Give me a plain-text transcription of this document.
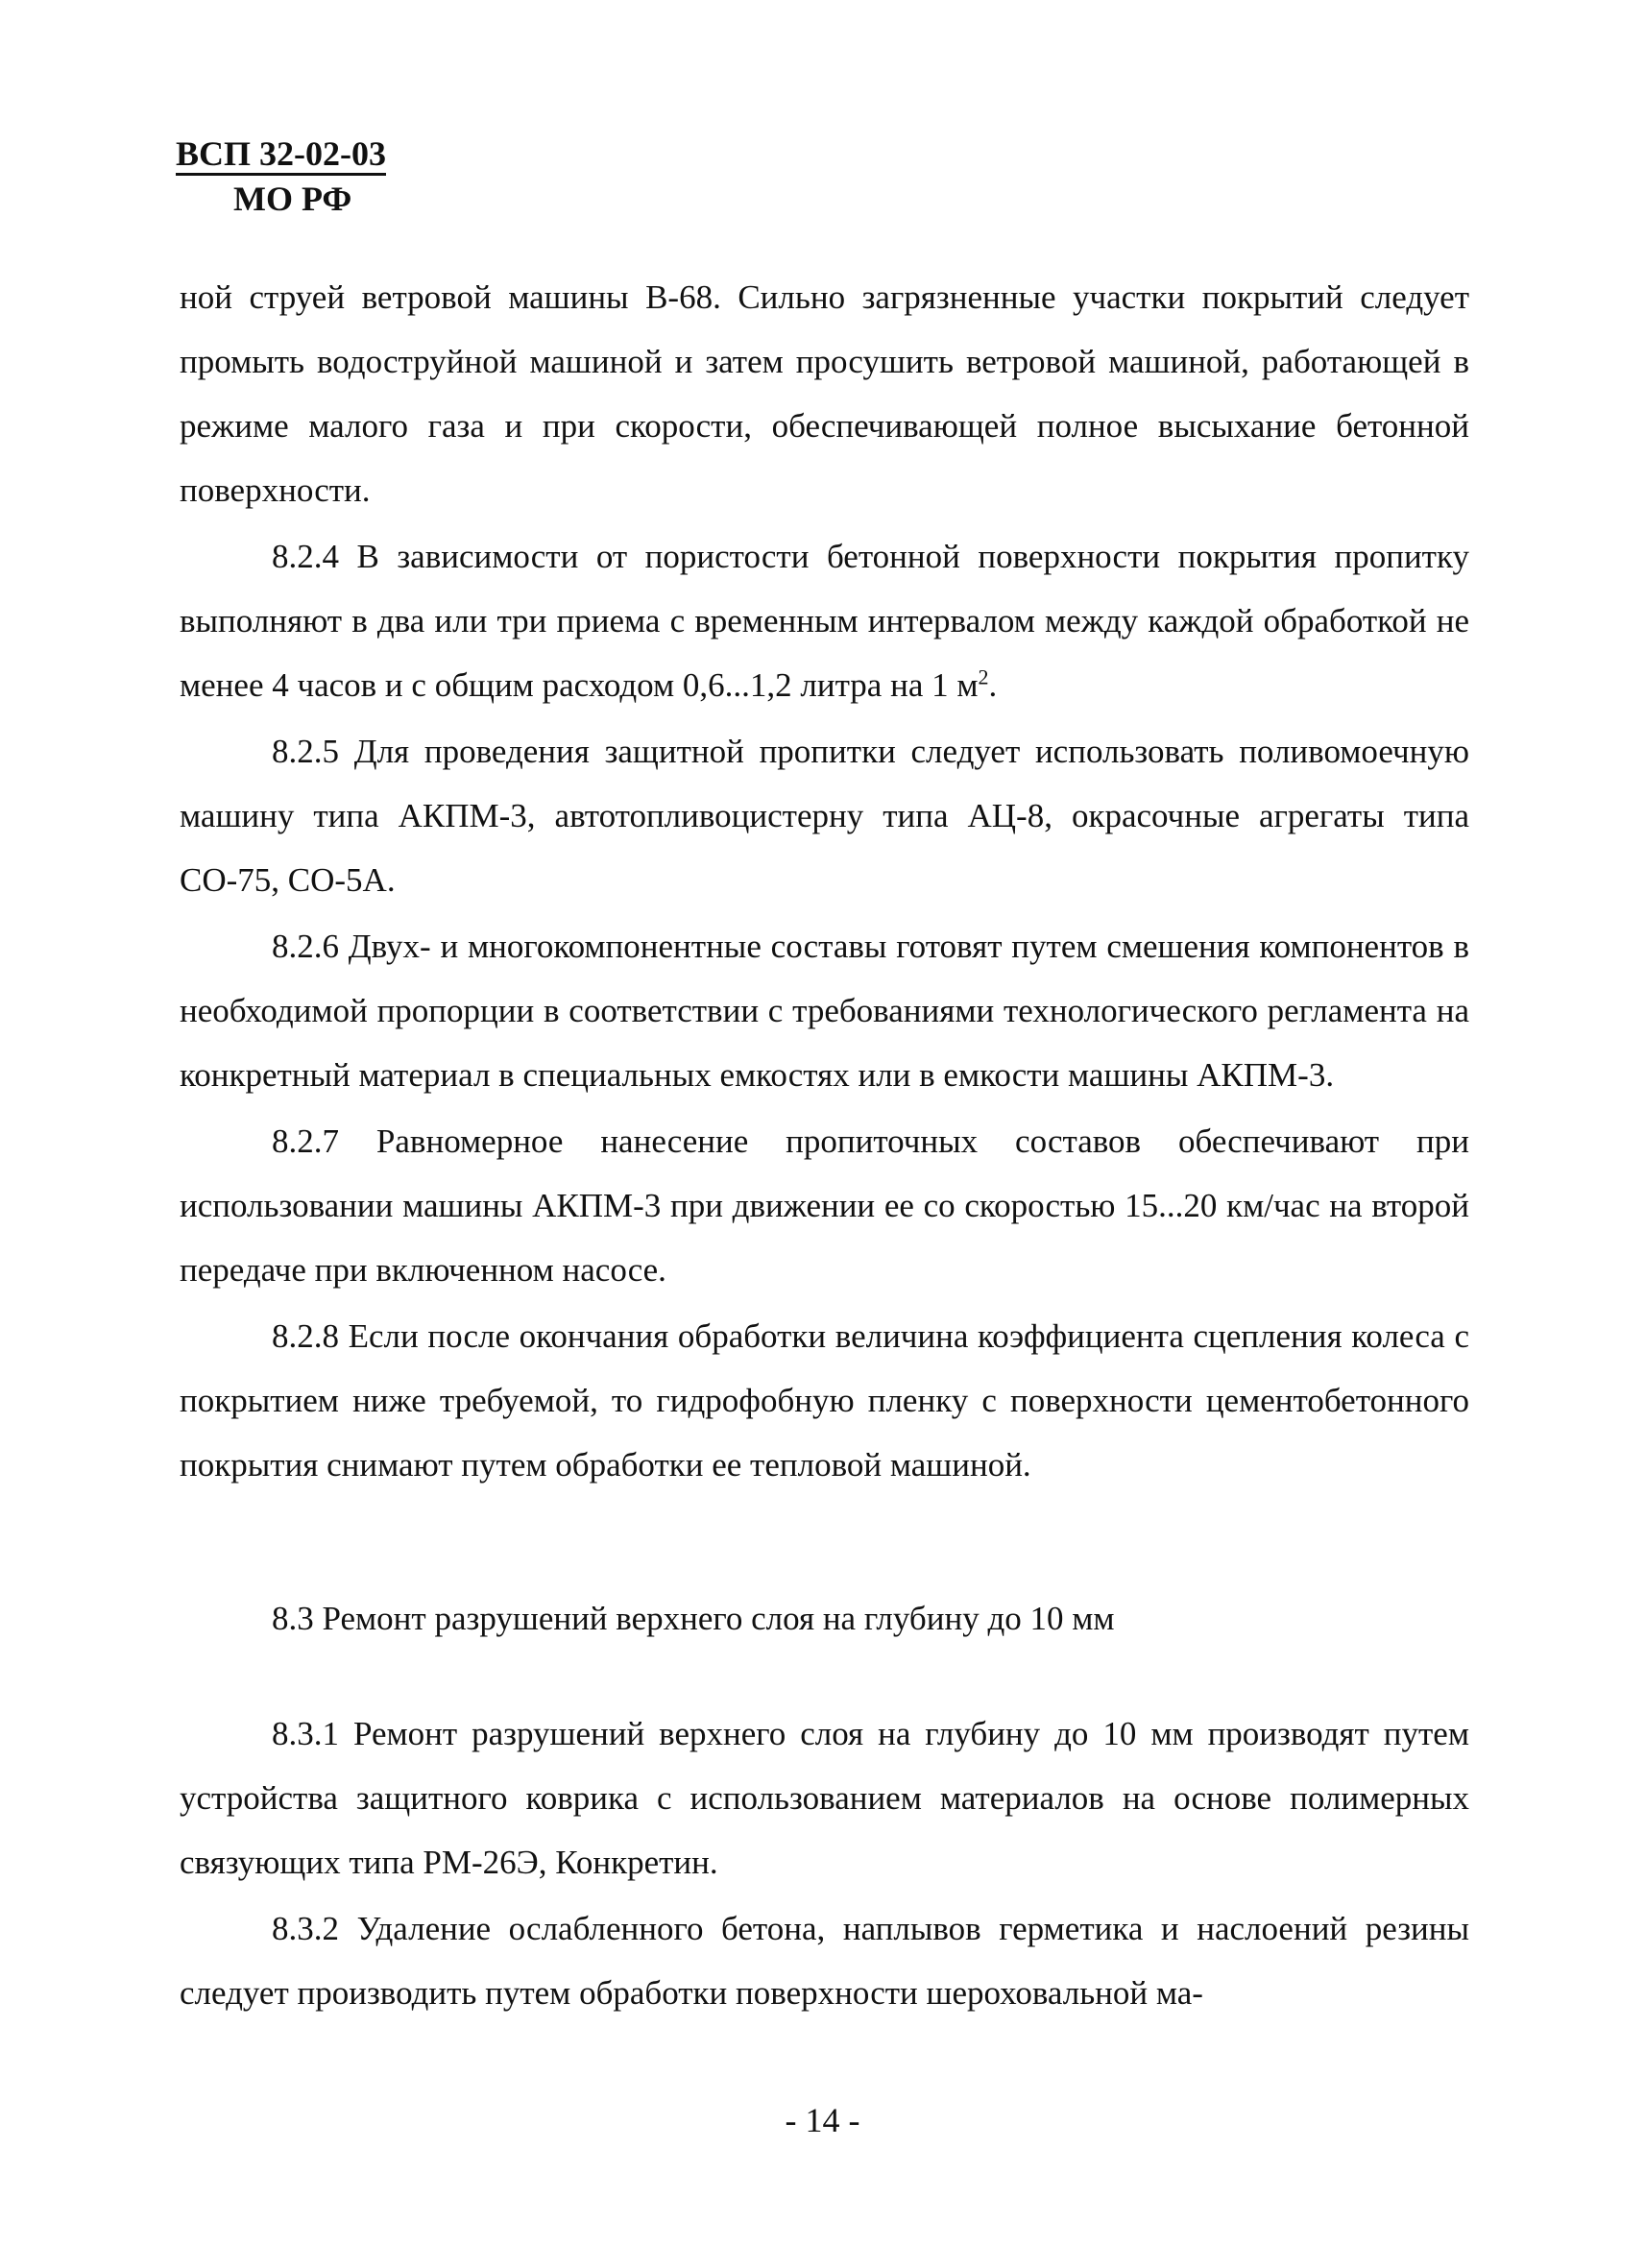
ВСП 32-02-03
МО РФ

ной струей ветровой машины В-68. Сильно загрязненные участки покрытий следует промыть водоструйной машиной и затем просушить ветровой машиной, работающей в режиме малого газа и при скорости, обеспечивающей полное высыхание бетонной поверхности.

8.2.4 В зависимости от пористости бетонной поверхности покрытия пропитку выполняют в два или три приема с временным интервалом между каждой обработкой не менее 4 часов и с общим расходом 0,6...1,2 литра на 1 $м^2$.

8.2.5 Для проведения защитной пропитки следует использовать поливомоечную машину типа АКПМ-3, автотопливоцистерну типа АЦ-8, окрасочные агрегаты типа СО-75, СО-5А.

8.2.6 Двух- и многокомпонентные составы готовят путем смешения компонентов в необходимой пропорции в соответствии с требованиями технологического регламента на конкретный материал в специальных емкостях или в емкости машины АКПМ-3.

8.2.7 Равномерное нанесение пропиточных составов обеспечивают при использовании машины АКПМ-3 при движении ее со скоростью 15...20 км/час на второй передаче при включенном насосе.

8.2.8 Если после окончания обработки величина коэффициента сцепления колеса с покрытием ниже требуемой, то гидрофобную пленку с поверхности цементобетонного покрытия снимают путем обработки ее тепловой машиной.

8.3 Ремонт разрушений верхнего слоя на глубину до 10 мм

8.3.1 Ремонт разрушений верхнего слоя на глубину до 10 мм производят путем устройства защитного коврика с использованием материалов на основе полимерных связующих типа РМ-26Э, Конкретин.

8.3.2 Удаление ослабленного бетона, наплывов герметика и наслоений резины следует производить путем обработки поверхности шероховальной ма-

- 14 -
